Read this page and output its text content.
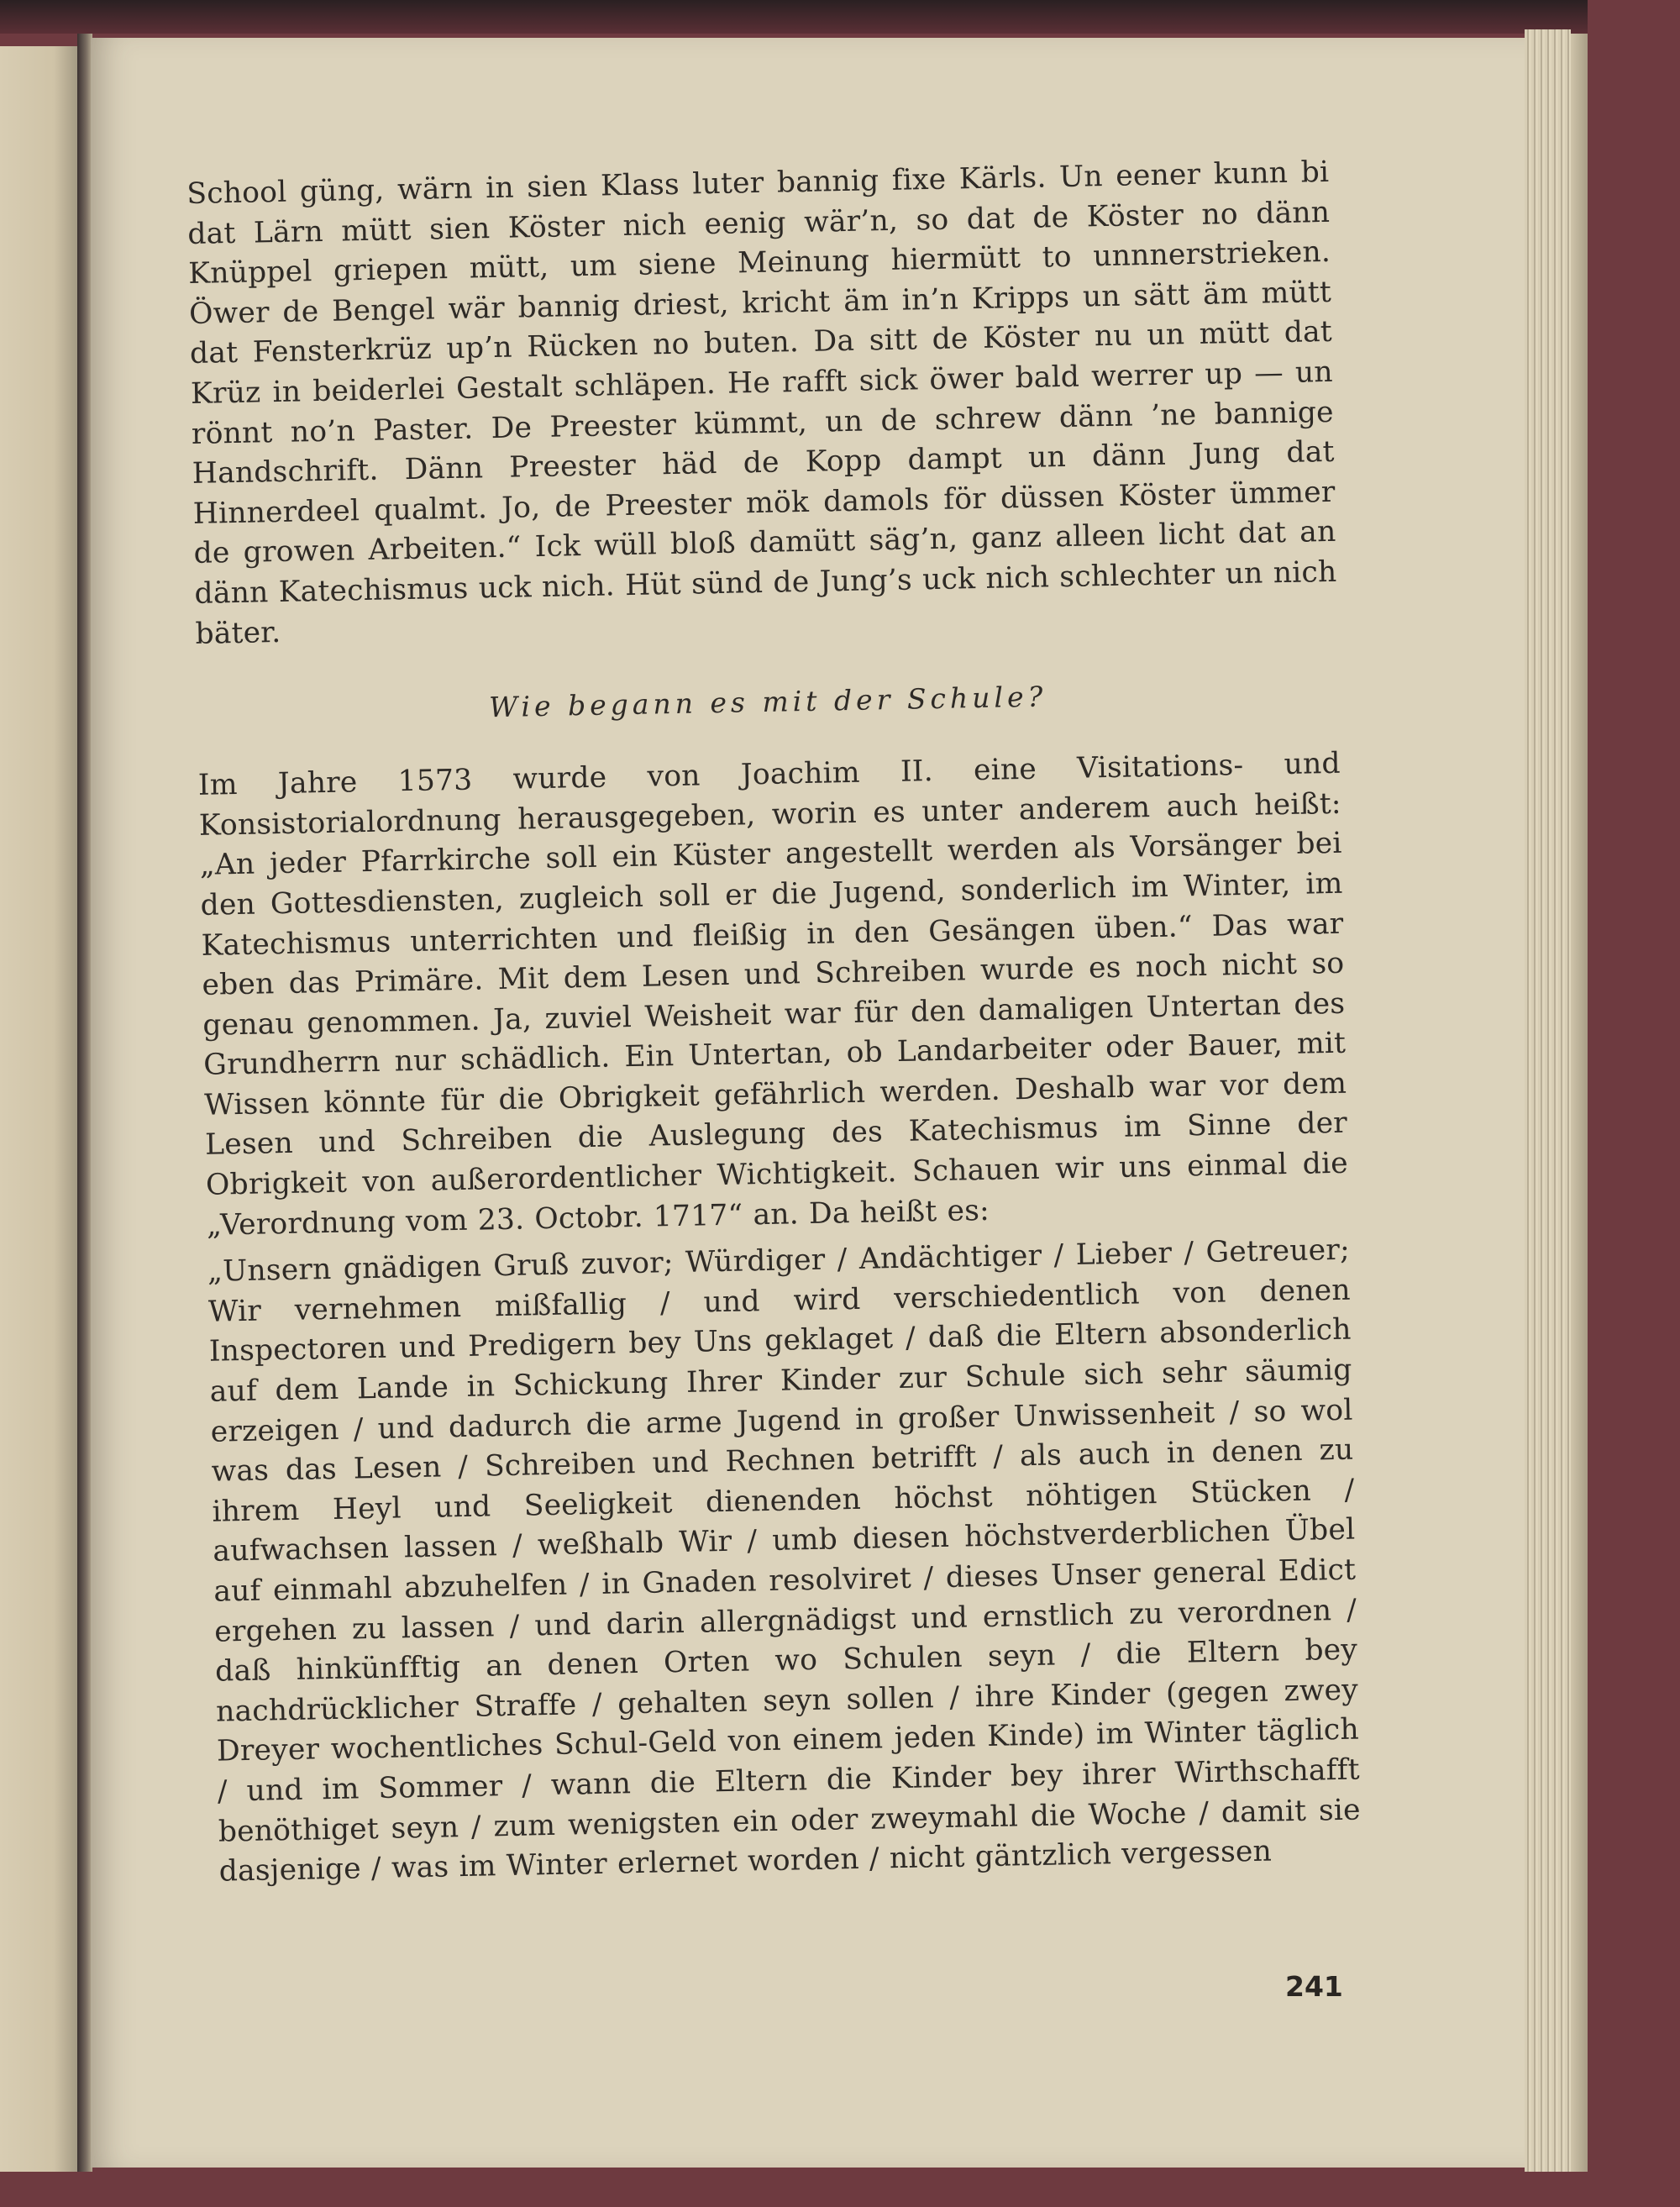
School güng, wärn in sien Klass luter bannig fixe Kärls. Un eener kunn bi dat Lärn mütt sien Köster nich eenig wär’n, so dat de Köster no dänn Knüppel griepen mütt, um siene Meinung hiermütt to unnnerstrieken. Öwer de Bengel wär bannig driest, kricht äm in’n Kripps un sätt äm mütt dat Fensterkrüz up’n Rücken no buten. Da sitt de Köster nu un mütt dat Krüz in beiderlei Gestalt schläpen. He rafft sick öwer bald werrer up — un rönnt no’n Paster. De Preester kümmt, un de schrew dänn ’ne bannige Handschrift. Dänn Preester häd de Kopp dampt un dänn Jung dat Hinnerdeel qualmt. Jo, de Preester mök damols för düssen Köster ümmer de growen Arbeiten.“ Ick wüll bloß damütt säg’n, ganz alleen licht dat an dänn Katechismus uck nich. Hüt sünd de Jung’s uck nich schlechter un nich bäter.

Wie begann es mit der Schule?

Im Jahre 1573 wurde von Joachim II. eine Visitations- und Konsistorialordnung herausgegeben, worin es unter anderem auch heißt: „An jeder Pfarrkirche soll ein Küster angestellt werden als Vorsänger bei den Gottesdiensten, zugleich soll er die Jugend, sonderlich im Winter, im Katechismus unterrichten und fleißig in den Gesängen üben.“ Das war eben das Primäre. Mit dem Lesen und Schreiben wurde es noch nicht so genau genommen. Ja, zuviel Weisheit war für den damaligen Untertan des Grundherrn nur schädlich. Ein Untertan, ob Landarbeiter oder Bauer, mit Wissen könnte für die Obrigkeit gefährlich werden. Deshalb war vor dem Lesen und Schreiben die Auslegung des Katechismus im Sinne der Obrigkeit von außerordentlicher Wichtigkeit. Schauen wir uns einmal die „Verordnung vom 23. Octobr. 1717“ an. Da heißt es:

„Unsern gnädigen Gruß zuvor; Würdiger / Andächtiger / Lieber / Getreuer; Wir vernehmen mißfallig / und wird verschiedentlich von denen Inspectoren und Predigern bey Uns geklaget / daß die Eltern absonderlich auf dem Lande in Schickung Ihrer Kinder zur Schule sich sehr säumig erzeigen / und dadurch die arme Jugend in großer Unwissenheit / so wol was das Lesen / Schreiben und Rechnen betrifft / als auch in denen zu ihrem Heyl und Seeligkeit dienenden höchst nöhtigen Stücken / aufwachsen lassen / weßhalb Wir / umb diesen höchstverderblichen Übel auf einmahl abzuhelfen / in Gnaden resolviret / dieses Unser general Edict ergehen zu lassen / und darin allergnädigst und ernstlich zu verordnen / daß hinkünfftig an denen Orten wo Schulen seyn / die Eltern bey nachdrücklicher Straffe / gehalten seyn sollen / ihre Kinder (gegen zwey Dreyer wochentliches Schul-Geld von einem jeden Kinde) im Winter täglich / und im Sommer / wann die Eltern die Kinder bey ihrer Wirthschafft benöthiget seyn / zum wenigsten ein oder zweymahl die Woche / damit sie dasjenige / was im Winter erlernet worden / nicht gäntzlich vergessen

241
